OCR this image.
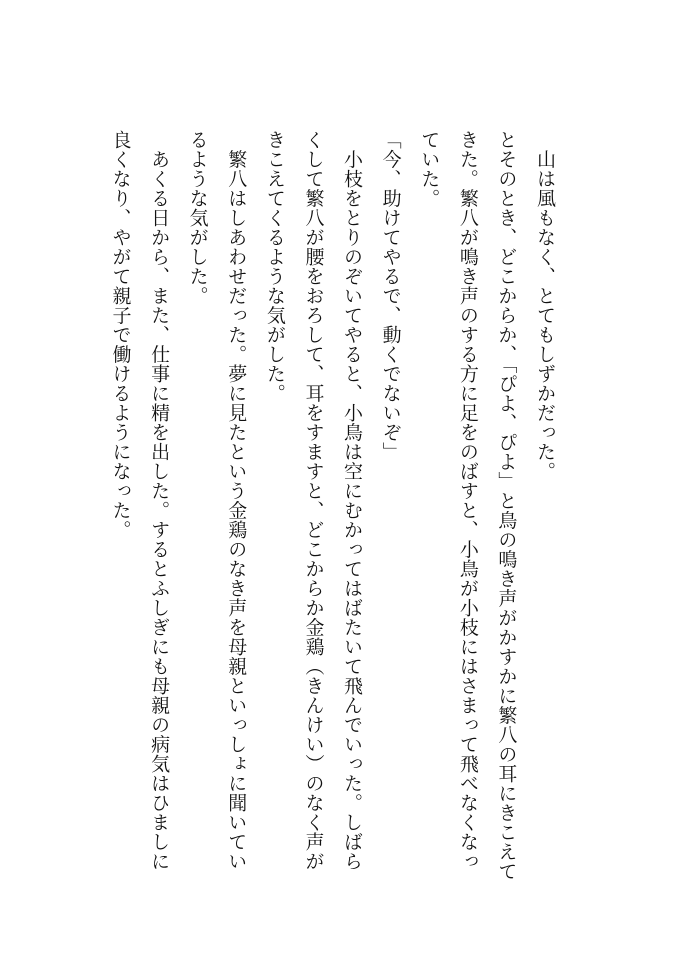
　山は風もなく、とてもしずかだった。

とそのとき、どこからか、「ぴよ、ぴよ」と鳥の鳴き声がかすかに繁八の耳にきこえてきた。繁八が鳴き声のする方に足をのばすと、小鳥が小枝にはさまって飛べなくなっていた。

「今、助けてやるで、動くでないぞ」

　小枝をとりのぞいてやると、小鳥は空にむかってはばたいて飛んでいった。しばらくして繁八が腰をおろして、耳をすますと、どこからか金鶏（きんけい）のなく声がきこえてくるような気がした。

　繁八はしあわせだった。夢に見たという金鶏のなき声を母親といっしょに聞いているような気がした。

　あくる日から、また、仕事に精を出した。するとふしぎにも母親の病気はひましに良くなり、やがて親子で働けるようになった。
